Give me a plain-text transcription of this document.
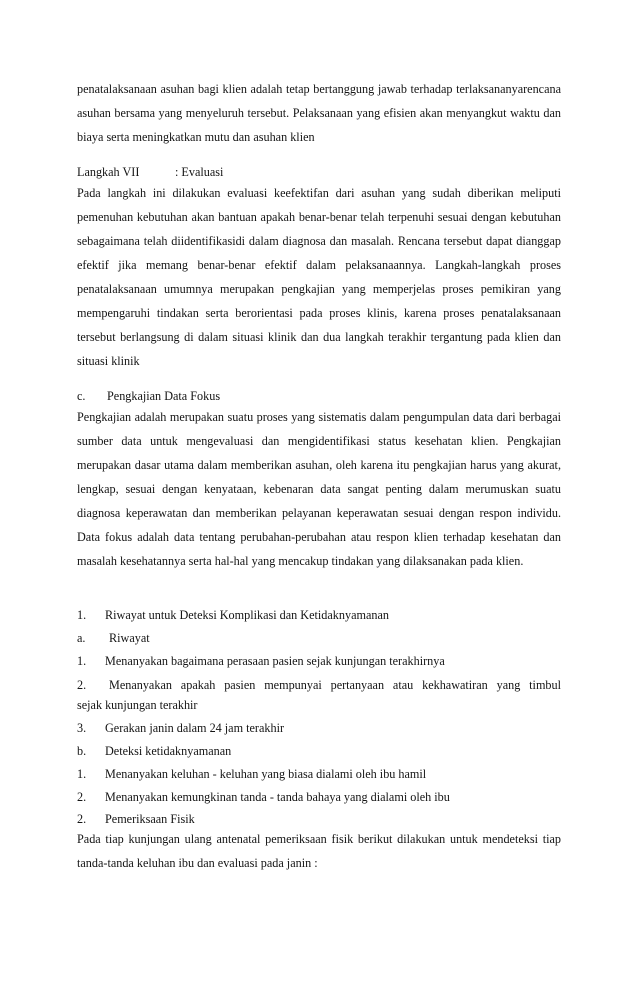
penatalaksanaan asuhan bagi klien adalah tetap bertanggung jawab terhadap terlaksananyarencana asuhan bersama yang menyeluruh tersebut. Pelaksanaan yang efisien akan menyangkut waktu dan biaya serta meningkatkan mutu dan asuhan klien

Langkah VII	: Evaluasi

Pada langkah ini dilakukan evaluasi keefektifan dari asuhan yang sudah diberikan meliputi pemenuhan kebutuhan akan bantuan apakah benar-benar telah terpenuhi sesuai dengan kebutuhan sebagaimana telah diidentifikasidi dalam diagnosa dan masalah. Rencana tersebut dapat dianggap efektif jika memang benar-benar efektif dalam pelaksanaannya. Langkah-langkah proses penatalaksanaan umumnya merupakan pengkajian yang memperjelas proses pemikiran yang mempengaruhi tindakan serta berorientasi pada proses klinis, karena proses penatalaksanaan tersebut berlangsung di dalam situasi klinik dan dua langkah terakhir tergantung pada klien dan situasi klinik

c. Pengkajian Data Fokus

Pengkajian adalah merupakan suatu proses yang sistematis dalam pengumpulan data dari berbagai sumber data untuk mengevaluasi dan mengidentifikasi status kesehatan klien. Pengkajian merupakan dasar utama dalam memberikan asuhan, oleh karena itu pengkajian harus yang akurat, lengkap, sesuai dengan kenyataan, kebenaran data sangat penting dalam merumuskan suatu diagnosa keperawatan dan memberikan pelayanan keperawatan sesuai dengan respon individu. Data fokus adalah data tentang perubahan-perubahan atau respon klien terhadap kesehatan dan masalah kesehatannya serta hal-hal yang mencakup tindakan yang dilaksanakan pada klien.

1. Riwayat untuk Deteksi Komplikasi dan Ketidaknyamanan
a. Riwayat
1. Menanyakan bagaimana perasaan pasien sejak kunjungan terakhirnya
2. Menanyakan apakah pasien mempunyai pertanyaan atau kekhawatiran yang timbul
sejak kunjungan terakhir
3. Gerakan janin dalam 24 jam terakhir
b. Deteksi ketidaknyamanan
1. Menanyakan keluhan - keluhan yang biasa dialami oleh ibu hamil
2. Menanyakan kemungkinan tanda - tanda bahaya yang dialami oleh ibu
2. Pemeriksaan Fisik

Pada tiap kunjungan ulang antenatal pemeriksaan fisik berikut dilakukan untuk mendeteksi tiap tanda-tanda keluhan ibu dan evaluasi pada janin :
